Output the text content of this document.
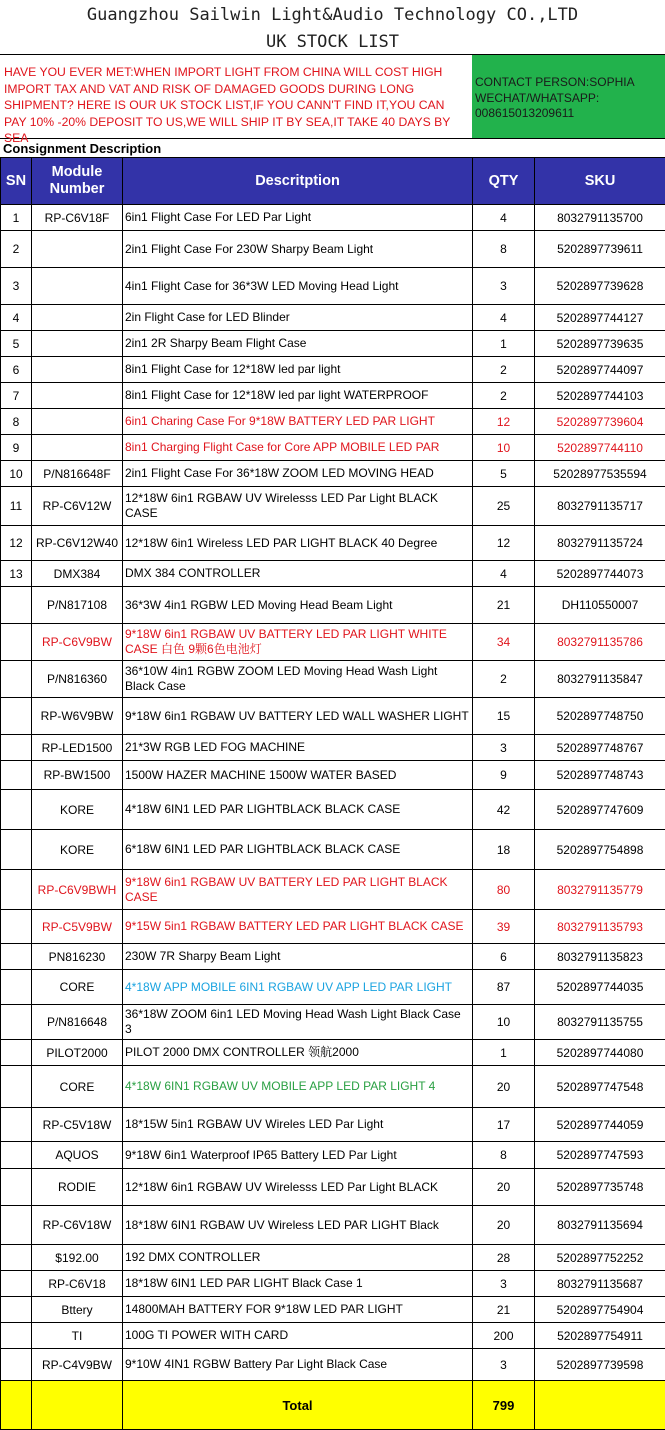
Guangzhou Sailwin Light&Audio Technology CO.,LTD
UK STOCK LIST
HAVE YOU EVER MET:WHEN IMPORT LIGHT FROM CHINA WILL COST HIGH IMPORT TAX AND VAT AND RISK OF DAMAGED GOODS DURING LONG SHIPMENT? HERE IS OUR UK STOCK LIST,IF YOU CANN'T FIND IT,YOU CAN PAY 10% -20% DEPOSIT TO US,WE WILL SHIP IT BY SEA,IT TAKE 40 DAYS BY SEA
CONTACT PERSON:SOPHIA
WECHAT/WHATSAPP:
008615013209611
Consignment Description
SN	Module Number	Descritption	QTY	SKU
1	RP-C6V18F	6in1 Flight Case For LED Par Light	4	8032791135700
2		2in1 Flight Case For 230W Sharpy Beam Light	8	5202897739611
3		4in1 Flight Case for 36*3W LED Moving Head Light	3	5202897739628
4		2in Flight Case for LED Blinder	4	5202897744127
5		2in1 2R Sharpy Beam Flight Case	1	5202897739635
6		8in1 Flight Case for 12*18W led par light	2	5202897744097
7		8in1 Flight Case for 12*18W led par light WATERPROOF	2	5202897744103
8		6in1 Charing Case For 9*18W BATTERY LED PAR LIGHT	12	5202897739604
9		8in1 Charging Flight Case for Core APP MOBILE LED PAR	10	5202897744110
10	P/N816648F	2in1 Flight Case For 36*18W ZOOM LED MOVING HEAD	5	52028977535594
11	RP-C6V12W	12*18W 6in1 RGBAW UV Wirelesss LED Par Light BLACK CASE	25	8032791135717
12	RP-C6V12W40	12*18W 6in1 Wireless LED PAR LIGHT BLACK 40 Degree	12	8032791135724
13	DMX384	DMX 384 CONTROLLER	4	5202897744073
	P/N817108	36*3W 4in1 RGBW LED Moving Head Beam Light	21	DH110550007
	RP-C6V9BW	9*18W 6in1 RGBAW UV BATTERY LED PAR LIGHT WHITE CASE 白色 9颗6色电池灯	34	8032791135786
	P/N816360	36*10W 4in1 RGBW ZOOM LED Moving Head Wash Light Black Case	2	8032791135847
	RP-W6V9BW	9*18W 6in1 RGBAW UV BATTERY LED WALL WASHER LIGHT	15	5202897748750
	RP-LED1500	21*3W RGB LED FOG MACHINE	3	5202897748767
	RP-BW1500	1500W HAZER MACHINE 1500W WATER BASED	9	5202897748743
	KORE	4*18W 6IN1 LED PAR LIGHTBLACK BLACK CASE	42	5202897747609
	KORE	6*18W 6IN1 LED PAR LIGHTBLACK BLACK CASE	18	5202897754898
	RP-C6V9BWH	9*18W 6in1 RGBAW UV BATTERY LED PAR LIGHT BLACK CASE	80	8032791135779
	RP-C5V9BW	9*15W 5in1 RGBAW BATTERY LED PAR LIGHT BLACK CASE	39	8032791135793
	PN816230	230W 7R Sharpy Beam Light	6	8032791135823
	CORE	4*18W APP MOBILE 6IN1 RGBAW UV APP LED PAR LIGHT	87	5202897744035
	P/N816648	36*18W ZOOM 6in1 LED Moving Head Wash Light Black Case 3	10	8032791135755
	PILOT2000	PILOT 2000 DMX CONTROLLER 领航2000	1	5202897744080
	CORE	4*18W 6IN1 RGBAW UV MOBILE APP LED PAR LIGHT 4	20	5202897747548
	RP-C5V18W	18*15W 5in1 RGBAW UV Wireles LED Par Light	17	5202897744059
	AQUOS	9*18W 6in1 Waterproof IP65 Battery LED Par Light	8	5202897747593
	RODIE	12*18W 6in1 RGBAW UV Wirelesss LED Par Light BLACK	20	5202897735748
	RP-C6V18W	18*18W 6IN1 RGBAW UV Wireless LED PAR LIGHT Black	20	8032791135694
	$192.00	192 DMX CONTROLLER	28	5202897752252
	RP-C6V18	18*18W 6IN1 LED PAR LIGHT Black Case 1	3	8032791135687
	Bttery	14800MAH BATTERY FOR 9*18W LED PAR LIGHT	21	5202897754904
	TI	100G TI POWER WITH CARD	200	5202897754911
	RP-C4V9BW	9*10W 4IN1 RGBW Battery Par Light Black Case	3	5202897739598
		Total	799	
